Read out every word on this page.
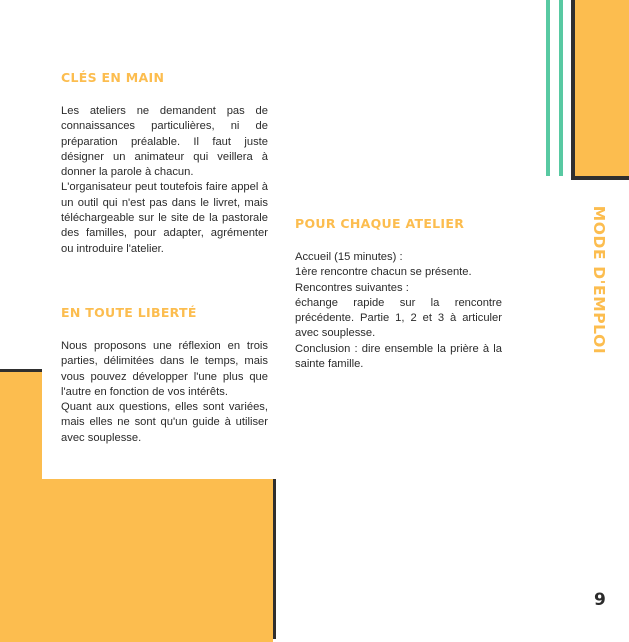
CLÉS EN MAIN

Les ateliers ne demandent pas de connaissances particulières, ni de préparation préalable. Il faut juste désigner un animateur qui veillera à donner la parole à chacun.

L'organisateur peut toutefois faire appel à un outil qui n'est pas dans le livret, mais téléchargeable sur le site de la pastorale des familles, pour adapter, agrémenter ou introduire l'atelier.

EN TOUTE LIBERTÉ

Nous proposons une réflexion en trois parties, délimitées dans le temps, mais vous pouvez développer l'une plus que l'autre en fonction de vos intérêts.

Quant aux questions, elles sont variées, mais elles ne sont qu'un guide à utiliser avec souplesse.

POUR CHAQUE ATELIER

Accueil (15 minutes) :

1ère rencontre chacun se présente.

Rencontres suivantes :

échange rapide sur la rencontre précédente. Partie 1, 2 et 3 à articuler avec souplesse.

Conclusion : dire ensemble la prière à la sainte famille.

MODE D'EMPLOI
9
